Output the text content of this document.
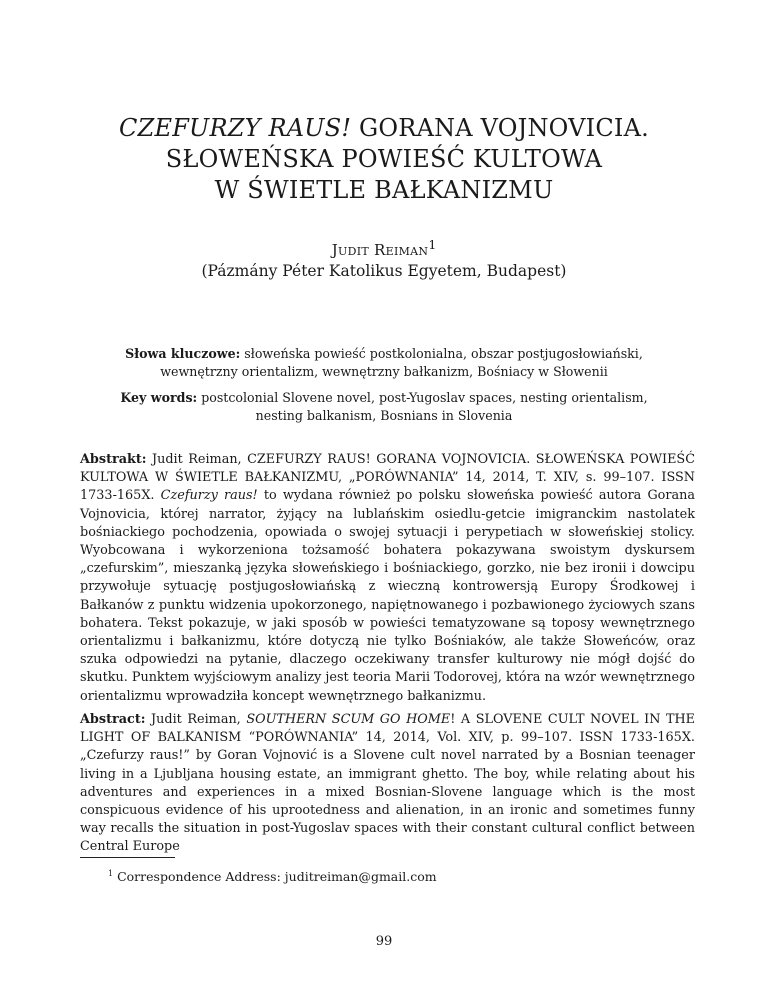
CZEFURZY RAUS! GORANA VOJNOVICIA.
SŁOWEŃSKA POWIEŚĆ KULTOWA
W ŚWIETLE BAŁKANIZMU
Judit Reiman$^1$
(Pázmány Péter Katolikus Egyetem, Budapest)
Słowa kluczowe: słoweńska powieść postkolonialna, obszar postjugosłowiański, wewnętrzny orientalizm, wewnętrzny bałkanizm, Bośniacy w Słowenii
Key words: postcolonial Slovene novel, post-Yugoslav spaces, nesting orientalism, nesting balkanism, Bosnians in Slovenia
Abstrakt: Judit Reiman, CZEFURZY RAUS! GORANA VOJNOVICIA. SŁOWEŃSKA POWIEŚĆ KULTOWA W ŚWIETLE BAŁKANIZMU, „PORÓWNANIA” 14, 2014, T. XIV, s. 99–107. ISSN 1733-165X. Czefurzy raus! to wydana również po polsku słoweńska powieść autora Gorana Vojnovicia, której narrator, żyjący na lublańskim osiedlu-getcie imigranckim nastolatek bośniackiego pochodzenia, opowiada o swojej sytuacji i perypetiach w słoweńskiej stolicy. Wyobcowana i wykorzeniona tożsamość bohatera pokazywana swoistym dyskursem „czefurskim”, mieszanką języka słoweńskiego i bośniackiego, gorzko, nie bez ironii i dowcipu przywołuje sytuację postjugosłowiańską z wieczną kontrowersją Europy Środkowej i Bałkanów z punktu widzenia upokorzonego, napiętnowanego i pozbawionego życiowych szans bohatera. Tekst pokazuje, w jaki sposób w powieści tematyzowane są toposy wewnętrznego orientalizmu i bałkanizmu, które dotyczą nie tylko Bośniaków, ale także Słoweńców, oraz szuka odpowiedzi na pytanie, dlaczego oczekiwany transfer kulturowy nie mógł dojść do skutku. Punktem wyjściowym analizy jest teoria Marii Todorovej, która na wzór wewnętrznego orientalizmu wprowadziła koncept wewnętrznego bałkanizmu.
Abstract: Judit Reiman, SOUTHERN SCUM GO HOME! A SLOVENE CULT NOVEL IN THE LIGHT OF BALKANISM “PORÓWNANIA” 14, 2014, Vol. XIV, p. 99–107. ISSN 1733-165X. „Czefurzy raus!” by Goran Vojnović is a Slovene cult novel narrated by a Bosnian teenager living in a Ljubljana housing estate, an immigrant ghetto. The boy, while relating about his adventures and experiences in a mixed Bosnian-Slovene language which is the most conspicuous evidence of his uprootedness and alienation, in an ironic and sometimes funny way recalls the situation in post-Yugoslav spaces with their constant cultural conflict between Central Europe
$^1$ Correspondence Address: juditreiman@gmail.com
99
